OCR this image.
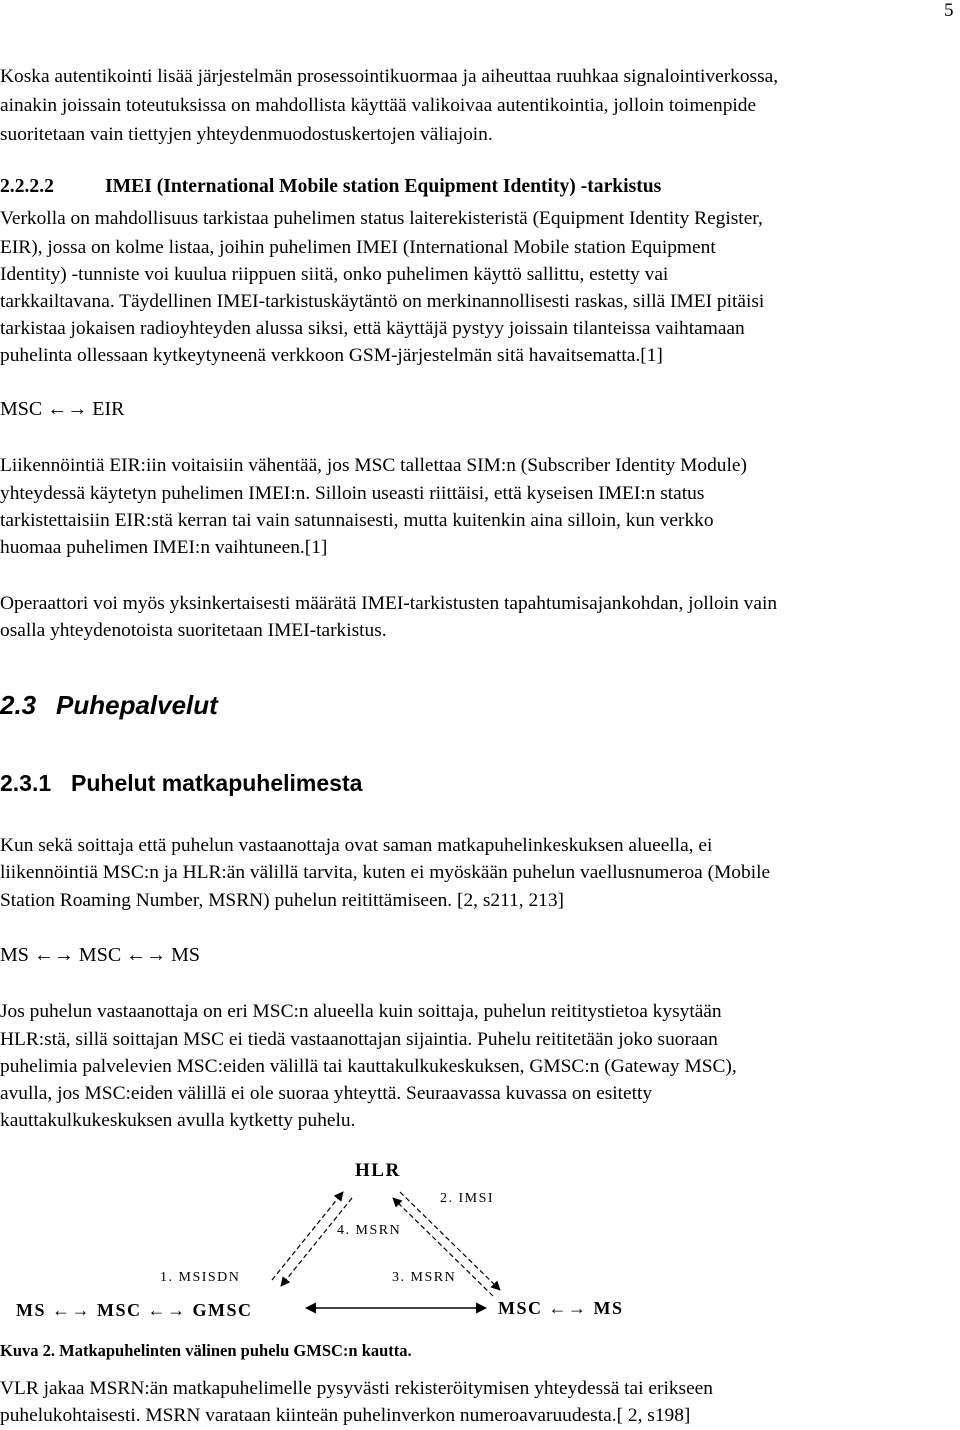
5
Koska autentikointi lisää järjestelmän prosessointikuormaa ja aiheuttaa ruuhkaa signalointiverkossa,
ainakin joissain toteutuksissa on mahdollista käyttää valikoivaa autentikointia, jolloin toimenpide
suoritetaan vain tiettyjen yhteydenmuodostuskertojen väliajoin.
2.2.2.2	IMEI (International Mobile station Equipment Identity) -tarkistus
Verkolla on mahdollisuus tarkistaa puhelimen status laiterekisteristä (Equipment Identity Register,
EIR), jossa on kolme listaa, joihin puhelimen IMEI (International Mobile station Equipment
Identity) -tunniste voi kuulua riippuen siitä, onko puhelimen käyttö sallittu, estetty vai
tarkkailtavana. Täydellinen IMEI-tarkistuskäytäntö on merkinannollisesti raskas, sillä IMEI pitäisi
tarkistaa jokaisen radioyhteyden alussa siksi, että käyttäjä pystyy joissain tilanteissa vaihtamaan
puhelinta ollessaan kytkeytyneenä verkkoon GSM-järjestelmän sitä havaitsematta.[1]
MSC ←→ EIR
Liikennöintiä EIR:iin voitaisiin vähentää, jos MSC tallettaa SIM:n (Subscriber Identity Module)
yhteydessä käytetyn puhelimen IMEI:n. Silloin useasti riittäisi, että kyseisen IMEI:n status
tarkistettaisiin EIR:stä kerran tai vain satunnaisesti, mutta kuitenkin aina silloin, kun verkko
huomaa puhelimen IMEI:n vaihtuneen.[1]
Operaattori voi myös yksinkertaisesti määrätä IMEI-tarkistusten tapahtumisajankohdan, jolloin vain
osalla yhteydenotoista suoritetaan IMEI-tarkistus.
2.3 Puhepalvelut
2.3.1 Puhelut matkapuhelimesta
Kun sekä soittaja että puhelun vastaanottaja ovat saman matkapuhelinkeskuksen alueella, ei
liikennöintiä MSC:n ja HLR:än välillä tarvita, kuten ei myöskään puhelun vaellusnumeroa (Mobile
Station Roaming Number, MSRN) puhelun reitittämiseen. [2, s211, 213]
MS ←→ MSC ←→ MS
Jos puhelun vastaanottaja on eri MSC:n alueella kuin soittaja, puhelun reititystietoa kysytään
HLR:stä, sillä soittajan MSC ei tiedä vastaanottajan sijaintia. Puhelu reititetään joko suoraan
puhelimia palvelevien MSC:eiden välillä tai kauttakulkukeskuksen, GMSC:n (Gateway MSC),
avulla, jos MSC:eiden välillä ei ole suoraa yhteyttä. Seuraavassa kuvassa on esitetty
kauttakulkukeskuksen avulla kytketty puhelu.
HLR
2. IMSI
4. MSRN
1. MSISDN	3. MSRN
MS ←→ MSC ←→ GMSC	MSC ←→ MS
Kuva 2. Matkapuhelinten välinen puhelu GMSC:n kautta.
VLR jakaa MSRN:än matkapuhelimelle pysyvästi rekisteröitymisen yhteydessä tai erikseen
puhelukohtaisesti. MSRN varataan kiinteän puhelinverkon numeroavaruudesta.[ 2, s198]
